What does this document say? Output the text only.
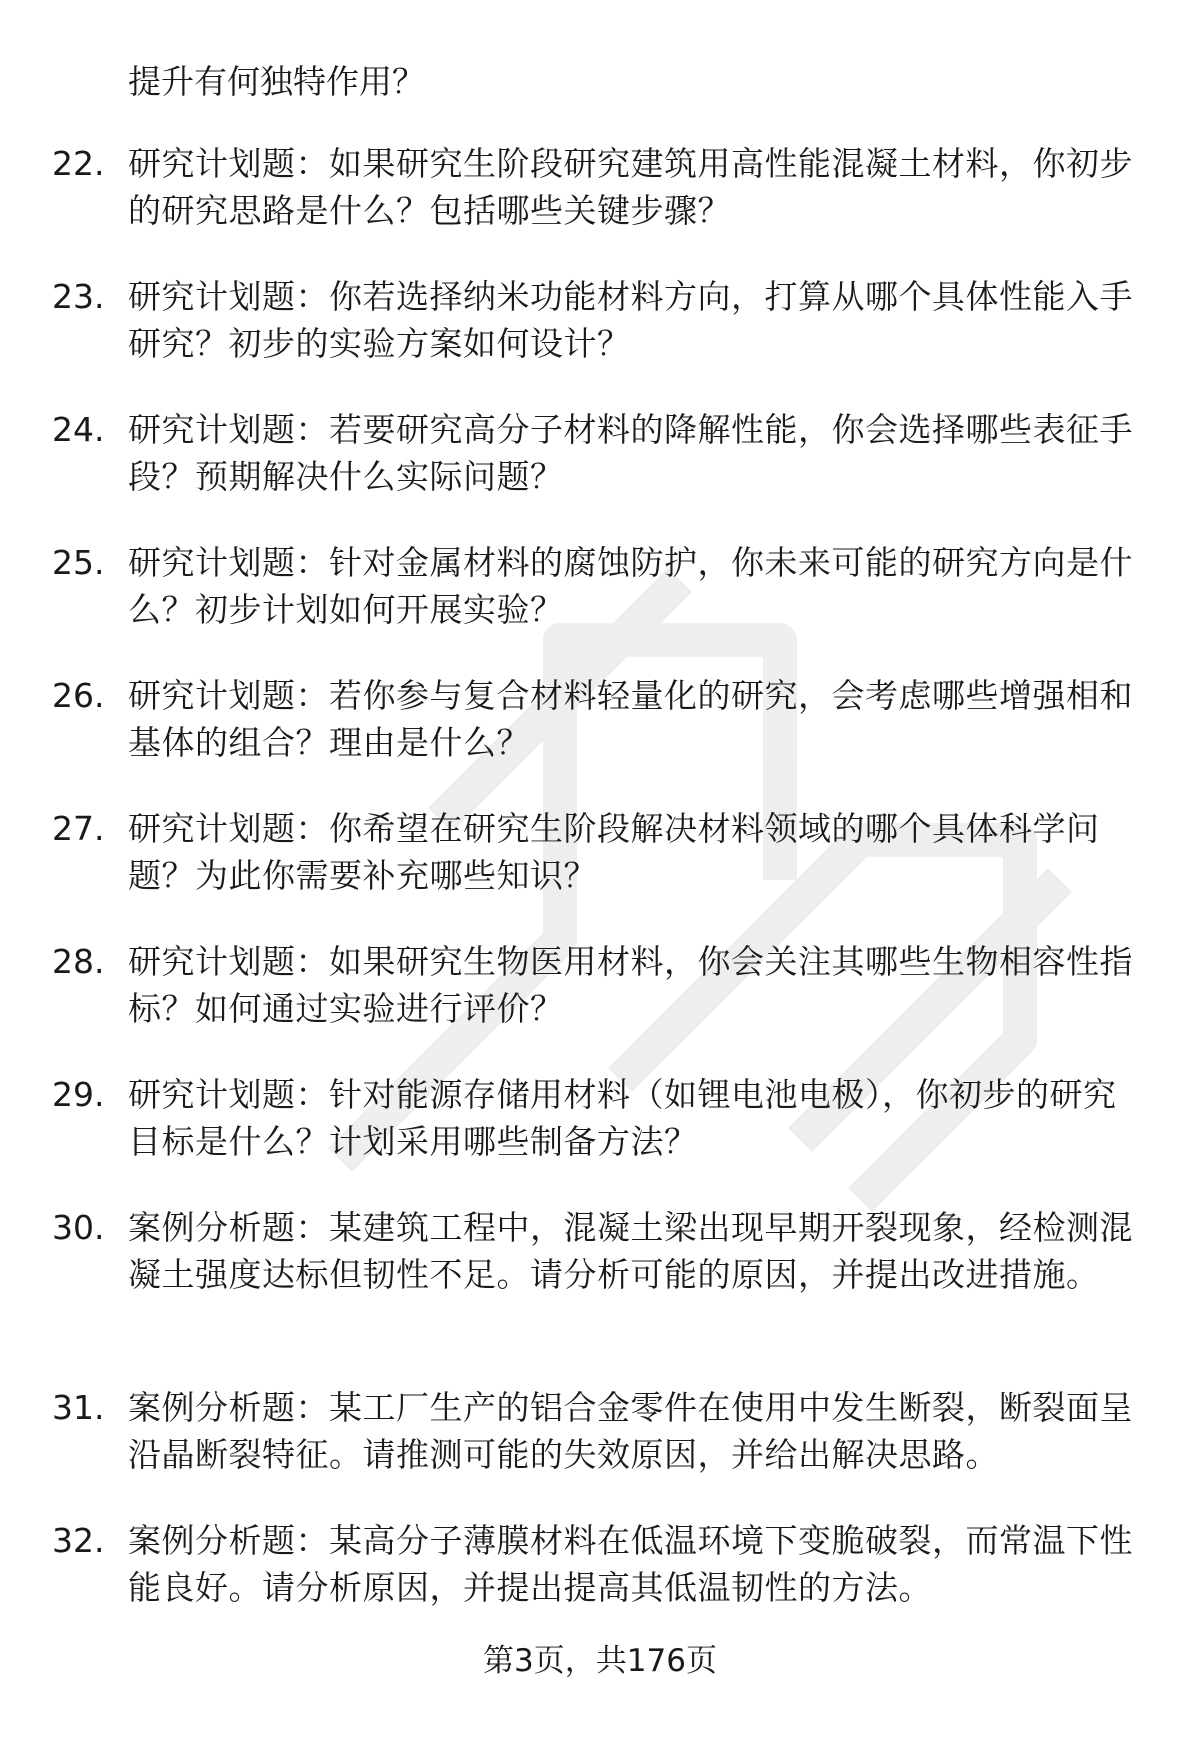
提升有何独特作用？
22. 研究计划题：如果研究生阶段研究建筑用高性能混凝土材料，你初步的研究思路是什么？包括哪些关键步骤？
23. 研究计划题：你若选择纳米功能材料方向，打算从哪个具体性能入手研究？初步的实验方案如何设计？
24. 研究计划题：若要研究高分子材料的降解性能，你会选择哪些表征手段？预期解决什么实际问题？
25. 研究计划题：针对金属材料的腐蚀防护，你未来可能的研究方向是什么？初步计划如何开展实验？
26. 研究计划题：若你参与复合材料轻量化的研究，会考虑哪些增强相和基体的组合？理由是什么？
27. 研究计划题：你希望在研究生阶段解决材料领域的哪个具体科学问题？为此你需要补充哪些知识？
28. 研究计划题：如果研究生物医用材料，你会关注其哪些生物相容性指标？如何通过实验进行评价？
29. 研究计划题：针对能源存储用材料（如锂电池电极），你初步的研究目标是什么？计划采用哪些制备方法？
30. 案例分析题：某建筑工程中，混凝土梁出现早期开裂现象，经检测混凝土强度达标但韧性不足。请分析可能的原因，并提出改进措施。
31. 案例分析题：某工厂生产的铝合金零件在使用中发生断裂，断裂面呈沿晶断裂特征。请推测可能的失效原因，并给出解决思路。
32. 案例分析题：某高分子薄膜材料在低温环境下变脆破裂，而常温下性能良好。请分析原因，并提出提高其低温韧性的方法。
第3页，共176页
